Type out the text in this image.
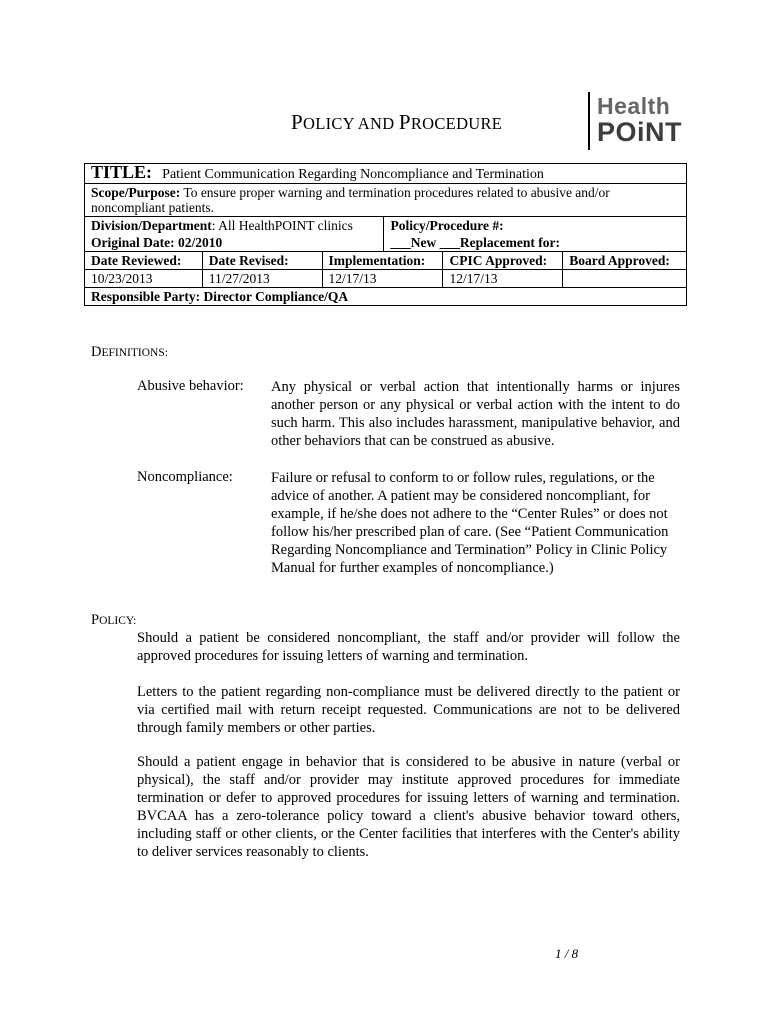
POLICY AND PROCEDURE
Health
POiNT
TITLE: Patient Communication Regarding Noncompliance and Termination					
Scope/Purpose: To ensure proper warning and termination procedures related to abusive and/or noncompliant patients.					
Division/Department: All HealthPOINT clinics			Policy/Procedure #:		
Original Date: 02/2010			___New ___Replacement for:		
Date Reviewed:	Date Revised:	Implementation:		CPIC Approved:	Board Approved:
10/23/2013	11/27/2013	12/17/13		12/17/13	
Responsible Party: Director Compliance/QA					
DEFINITIONS:
Abusive behavior: Any physical or verbal action that intentionally harms or injures another person or any physical or verbal action with the intent to do such harm. This also includes harassment, manipulative behavior, and other behaviors that can be construed as abusive.
Noncompliance:	Failure or refusal to conform to or follow rules, regulations, or the advice of another. A patient may be considered noncompliant, for example, if he/she does not adhere to the “Center Rules” or does not follow his/her prescribed plan of care. (See “Patient Communication Regarding Noncompliance and Termination” Policy in Clinic Policy Manual for further examples of noncompliance.)
POLICY:
Should a patient be considered noncompliant, the staff and/or provider will follow the approved procedures for issuing letters of warning and termination.
Letters to the patient regarding non-compliance must be delivered directly to the patient or via certified mail with return receipt requested. Communications are not to be delivered through family members or other parties.
Should a patient engage in behavior that is considered to be abusive in nature (verbal or physical), the staff and/or provider may institute approved procedures for immediate termination or defer to approved procedures for issuing letters of warning and termination. BVCAA has a zero-tolerance policy toward a client's abusive behavior toward others, including staff or other clients, or the Center facilities that interferes with the Center's ability to deliver services reasonably to clients.
1 / 8
